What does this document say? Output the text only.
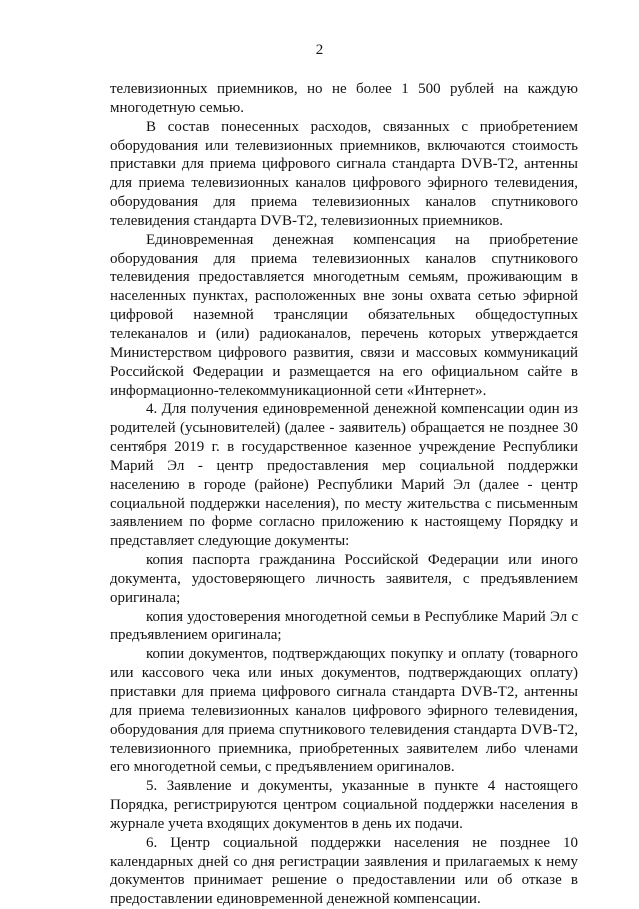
2

телевизионных приемников, но не более 1 500 рублей на каждую многодетную семью.

В состав понесенных расходов, связанных с приобретением оборудования или телевизионных приемников, включаются стоимость приставки для приема цифрового сигнала стандарта DVB-T2, антенны для приема телевизионных каналов цифрового эфирного телевидения, оборудования для приема телевизионных каналов спутникового телевидения стандарта DVB-T2, телевизионных приемников.

Единовременная денежная компенсация на приобретение оборудования для приема телевизионных каналов спутникового телевидения предоставляется многодетным семьям, проживающим в населенных пунктах, расположенных вне зоны охвата сетью эфирной цифровой наземной трансляции обязательных общедоступных телеканалов и (или) радиоканалов, перечень которых утверждается Министерством цифрового развития, связи и массовых коммуникаций Российской Федерации и размещается на его официальном сайте в информационно-телекоммуникационной сети «Интернет».

4. Для получения единовременной денежной компенсации один из родителей (усыновителей) (далее - заявитель) обращается не позднее 30 сентября 2019 г. в государственное казенное учреждение Республики Марий Эл - центр предоставления мер социальной поддержки населению в городе (районе) Республики Марий Эл (далее - центр социальной поддержки населения), по месту жительства с письменным заявлением по форме согласно приложению к настоящему Порядку и представляет следующие документы:

копия паспорта гражданина Российской Федерации или иного документа, удостоверяющего личность заявителя, с предъявлением оригинала;

копия удостоверения многодетной семьи в Республике Марий Эл с предъявлением оригинала;

копии документов, подтверждающих покупку и оплату (товарного или кассового чека или иных документов, подтверждающих оплату) приставки для приема цифрового сигнала стандарта DVB-T2, антенны для приема телевизионных каналов цифрового эфирного телевидения, оборудования для приема спутникового телевидения стандарта DVB-T2, телевизионного приемника, приобретенных заявителем либо членами его многодетной семьи, с предъявлением оригиналов.

5. Заявление и документы, указанные в пункте 4 настоящего Порядка, регистрируются центром социальной поддержки населения в журнале учета входящих документов в день их подачи.

6. Центр социальной поддержки населения не позднее 10 календарных дней со дня регистрации заявления и прилагаемых к нему документов принимает решение о предоставлении или об отказе в предоставлении единовременной денежной компенсации.
